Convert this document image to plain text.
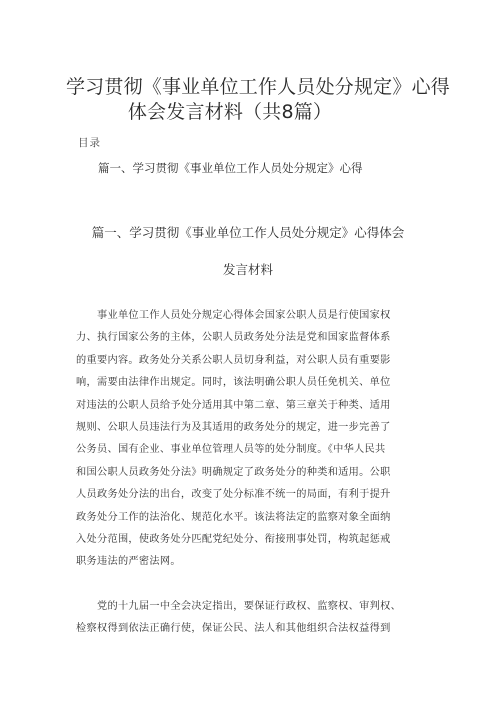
学习贯彻《事业单位工作人员处分规定》心得
体会发言材料（共8篇）
目录
篇一、学习贯彻《事业单位工作人员处分规定》心得
篇一、学习贯彻《事业单位工作人员处分规定》心得体会
发言材料
　　事业单位工作人员处分规定心得体会国家公职人员是行使国家权
力、执行国家公务的主体，公职人员政务处分法是党和国家监督体系
的重要内容。政务处分关系公职人员切身利益，对公职人员有重要影
响，需要由法律作出规定。同时，该法明确公职人员任免机关、单位
对违法的公职人员给予处分适用其中第二章、第三章关于种类、适用
规则、公职人员违法行为及其适用的政务处分的规定，进一步完善了
公务员、国有企业、事业单位管理人员等的处分制度。《中华人民共
和国公职人员政务处分法》明确规定了政务处分的种类和适用。公职
人员政务处分法的出台，改变了处分标准不统一的局面，有利于提升
政务处分工作的法治化、规范化水平。该法将法定的监察对象全面纳
入处分范围，使政务处分匹配党纪处分、衔接刑事处罚，构筑起惩戒
职务违法的严密法网。
　　党的十九届一中全会决定指出，要保证行政权、监察权、审判权、
检察权得到依法正确行使，保证公民、法人和其他组织合法权益得到
